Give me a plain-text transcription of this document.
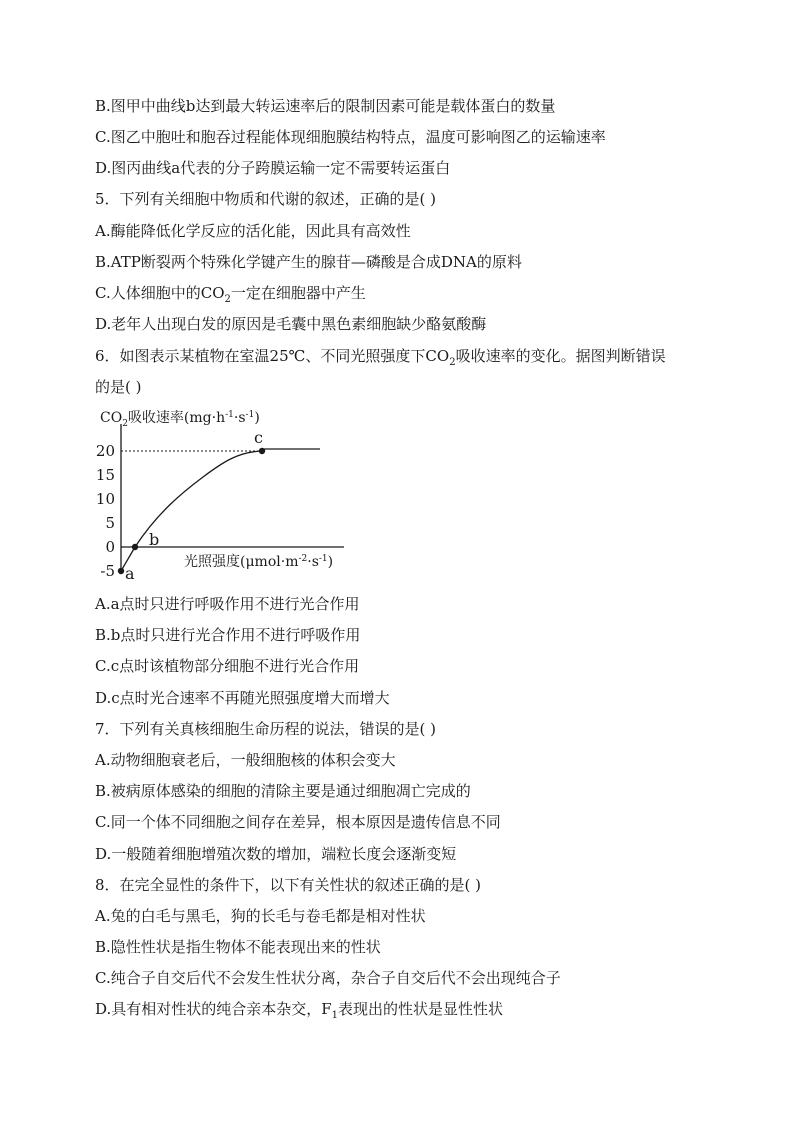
B.图甲中曲线b达到最大转运速率后的限制因素可能是载体蛋白的数量
C.图乙中胞吐和胞吞过程能体现细胞膜结构特点，温度可影响图乙的运输速率
D.图丙曲线a代表的分子跨膜运输一定不需要转运蛋白
5．下列有关细胞中物质和代谢的叙述，正确的是( )
A.酶能降低化学反应的活化能，因此具有高效性
B.ATP断裂两个特殊化学键产生的腺苷—磷酸是合成DNA的原料
C.人体细胞中的$CO_2$一定在细胞器中产生
D.老年人出现白发的原因是毛囊中黑色素细胞缺少酪氨酸酶
6．如图表示某植物在室温25℃、不同光照强度下$CO_2$吸收速率的变化。据图判断错误
的是( )
$CO_2$吸收速率$(mg\cdot h^{-1}\cdot s^{-1})$
20
15
10
5
0
-5 a
b
c
光照强度$(\mu mol\cdot m^{-2}\cdot s^{-1})$
A.a点时只进行呼吸作用不进行光合作用
B.b点时只进行光合作用不进行呼吸作用
C.c点时该植物部分细胞不进行光合作用
D.c点时光合速率不再随光照强度增大而增大
7．下列有关真核细胞生命历程的说法，错误的是( )
A.动物细胞衰老后，一般细胞核的体积会变大
B.被病原体感染的细胞的清除主要是通过细胞凋亡完成的
C.同一个体不同细胞之间存在差异，根本原因是遗传信息不同
D.一般随着细胞增殖次数的增加，端粒长度会逐渐变短
8．在完全显性的条件下，以下有关性状的叙述正确的是( )
A.兔的白毛与黑毛，狗的长毛与卷毛都是相对性状
B.隐性性状是指生物体不能表现出来的性状
C.纯合子自交后代不会发生性状分离，杂合子自交后代不会出现纯合子
D.具有相对性状的纯合亲本杂交，$F_1$表现出的性状是显性性状
